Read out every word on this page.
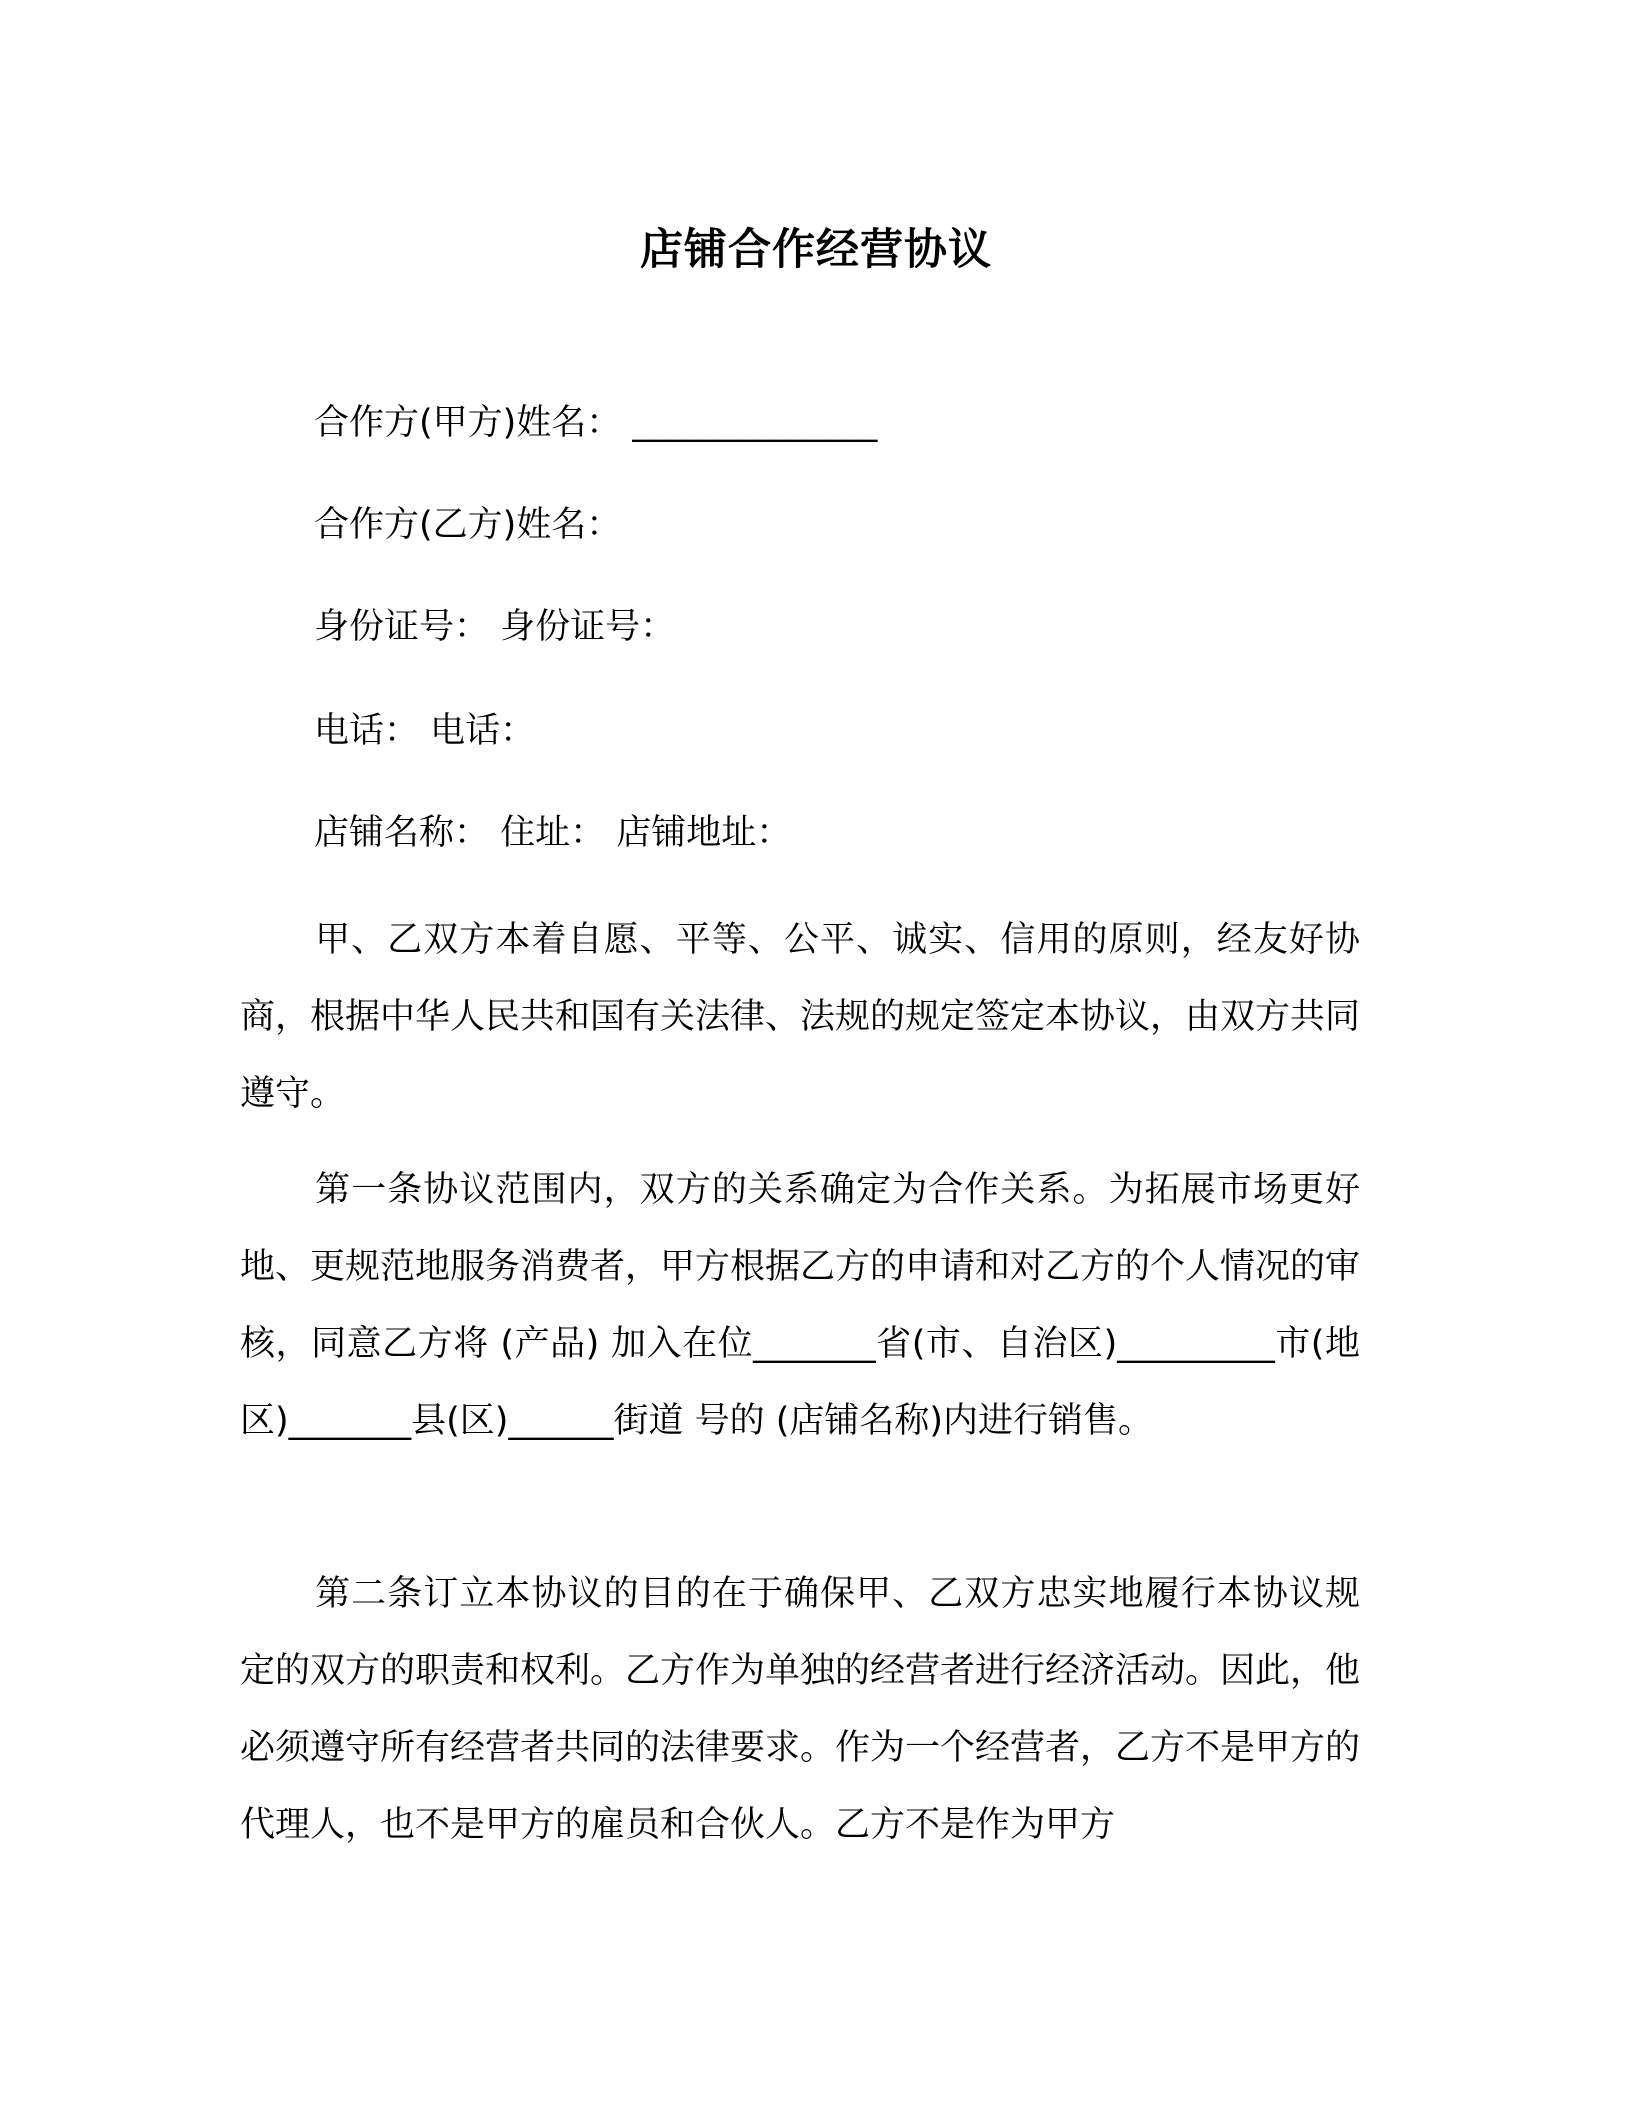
店铺合作经营协议
合作方(甲方)姓名： ______________
合作方(乙方)姓名：
身份证号： 身份证号：
电话： 电话：
店铺名称： 住址： 店铺地址：
甲、乙双方本着自愿、平等、公平、诚实、信用的原则，经友好协商，根据中华人民共和国有关法律、法规的规定签定本协议，由双方共同遵守。
第一条协议范围内，双方的关系确定为合作关系。为拓展市场更好地、更规范地服务消费者，甲方根据乙方的申请和对乙方的个人情况的审核，同意乙方将 (产品) 加入在位_______省(市、自治区)_________市(地区)_______县(区)______街道 号的 (店铺名称)内进行销售。
第二条订立本协议的目的在于确保甲、乙双方忠实地履行本协议规定的双方的职责和权利。乙方作为单独的经营者进行经济活动。因此，他必须遵守所有经营者共同的法律要求。作为一个经营者，乙方不是甲方的代理人，也不是甲方的雇员和合伙人。乙方不是作为甲方
